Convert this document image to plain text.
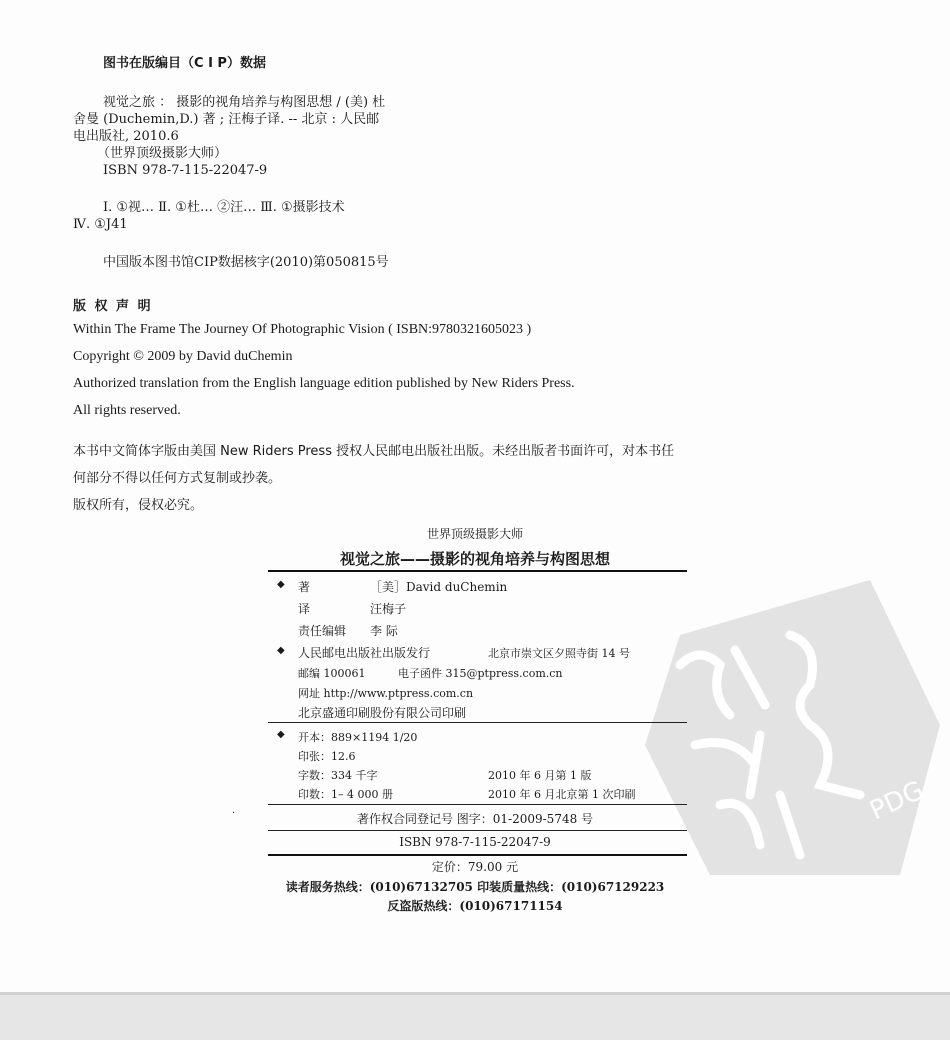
图书在版编目（C I P）数据
视觉之旅 ： 摄影的视角培养与构图思想 / (美) 杜
舍曼 (Duchemin,D.) 著 ; 汪梅子译. -- 北京 : 人民邮
电出版社, 2010.6
（世界顶级摄影大师）
ISBN 978-7-115-22047-9
Ⅰ. ①视… Ⅱ. ①杜… ②汪… Ⅲ. ①摄影技术
Ⅳ. ①J41
中国版本图书馆CIP数据核字(2010)第050815号
版 权 声 明
Within The Frame The Journey Of Photographic Vision ( ISBN:9780321605023 )
Copyright © 2009 by David duChemin
Authorized translation from the English language edition published by New Riders Press.
All rights reserved.
本书中文简体字版由美国 New Riders Press 授权人民邮电出版社出版。未经出版者书面许可，对本书任
何部分不得以任何方式复制或抄袭。
版权所有，侵权必究。
PDG
世界顶级摄影大师
视觉之旅——摄影的视角培养与构图思想
◆ 著	［美］David duChemin
译	汪梅子
责任编辑 李 际
◆ 人民邮电出版社出版发行	北京市崇文区夕照寺街 14 号
邮编 100061	电子函件 315@ptpress.com.cn
网址 http://www.ptpress.com.cn
北京盛通印刷股份有限公司印刷
◆ 开本：889×1194 1/20
印张：12.6
字数：334 千字	2010 年 6 月第 1 版
印数：1– 4 000 册	2010 年 6 月北京第 1 次印刷
著作权合同登记号 图字：01-2009-5748 号
ISBN 978-7-115-22047-9
定价：79.00 元
读者服务热线：(010)67132705 印装质量热线：(010)67129223
反盗版热线：(010)67171154
·
